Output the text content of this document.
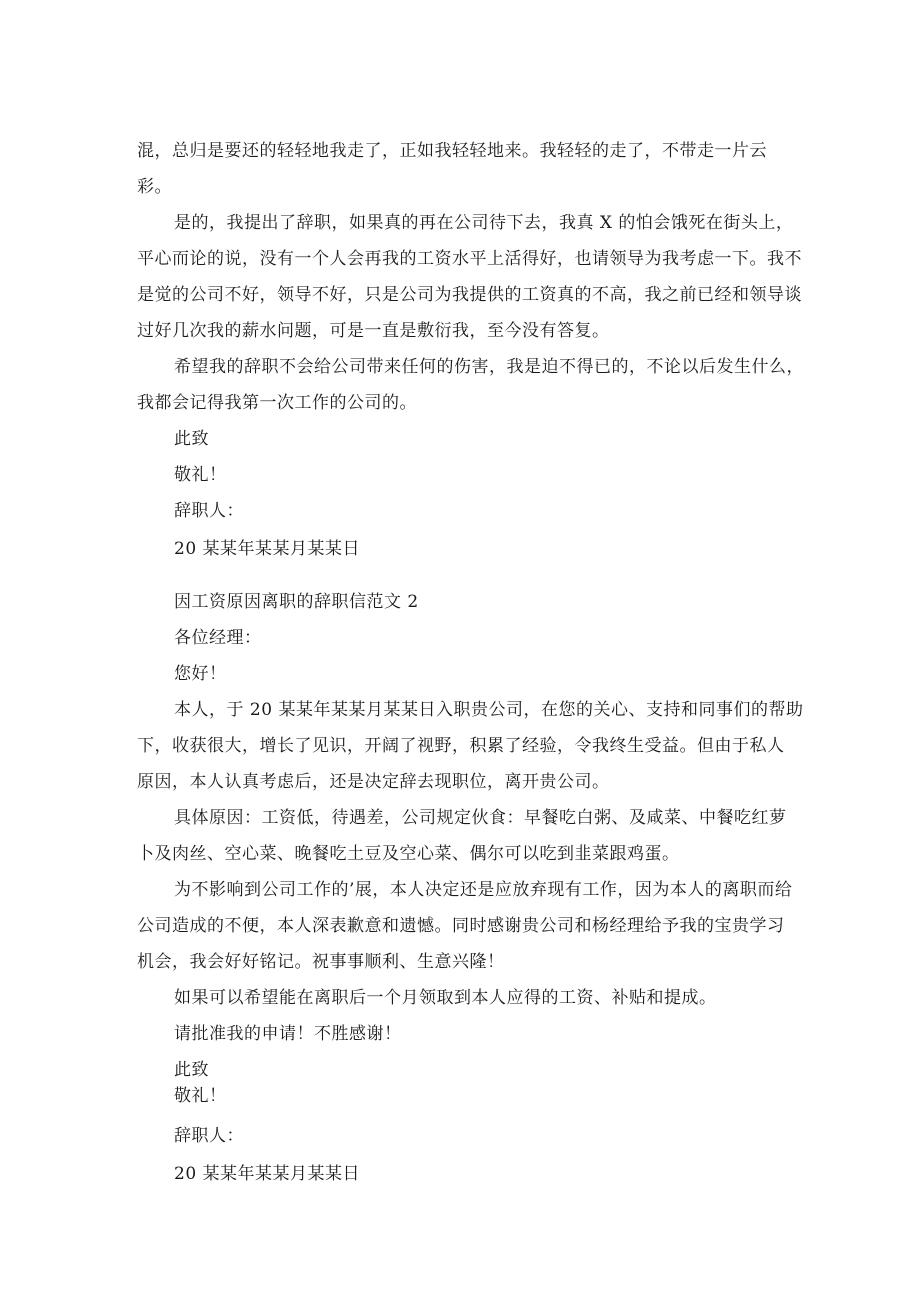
混，总归是要还的轻轻地我走了，正如我轻轻地来。我轻轻的走了，不带走一片云
彩。
是的，我提出了辞职，如果真的再在公司待下去，我真 X 的怕会饿死在街头上，
平心而论的说，没有一个人会再我的工资水平上活得好，也请领导为我考虑一下。我不
是觉的公司不好，领导不好，只是公司为我提供的工资真的不高，我之前已经和领导谈
过好几次我的薪水问题，可是一直是敷衍我，至今没有答复。
希望我的辞职不会给公司带来任何的伤害，我是迫不得已的，不论以后发生什么，
我都会记得我第一次工作的公司的。
此致
敬礼！
辞职人：
20 某某年某某月某某日
因工资原因离职的辞职信范文 2
各位经理：
您好！
本人，于 20 某某年某某月某某日入职贵公司，在您的关心、支持和同事们的帮助
下，收获很大，增长了见识，开阔了视野，积累了经验，令我终生受益。但由于私人
原因，本人认真考虑后，还是决定辞去现职位，离开贵公司。
具体原因：工资低，待遇差，公司规定伙食：早餐吃白粥、及咸菜、中餐吃红萝
卜及肉丝、空心菜、晚餐吃土豆及空心菜、偶尔可以吃到韭菜跟鸡蛋。
为不影响到公司工作的’展，本人决定还是应放弃现有工作，因为本人的离职而给
公司造成的不便，本人深表歉意和遗憾。同时感谢贵公司和杨经理给予我的宝贵学习
机会，我会好好铭记。祝事事顺利、生意兴隆！
如果可以希望能在离职后一个月领取到本人应得的工资、补贴和提成。
请批准我的申请！不胜感谢！
此致
敬礼！
辞职人：
20 某某年某某月某某日
